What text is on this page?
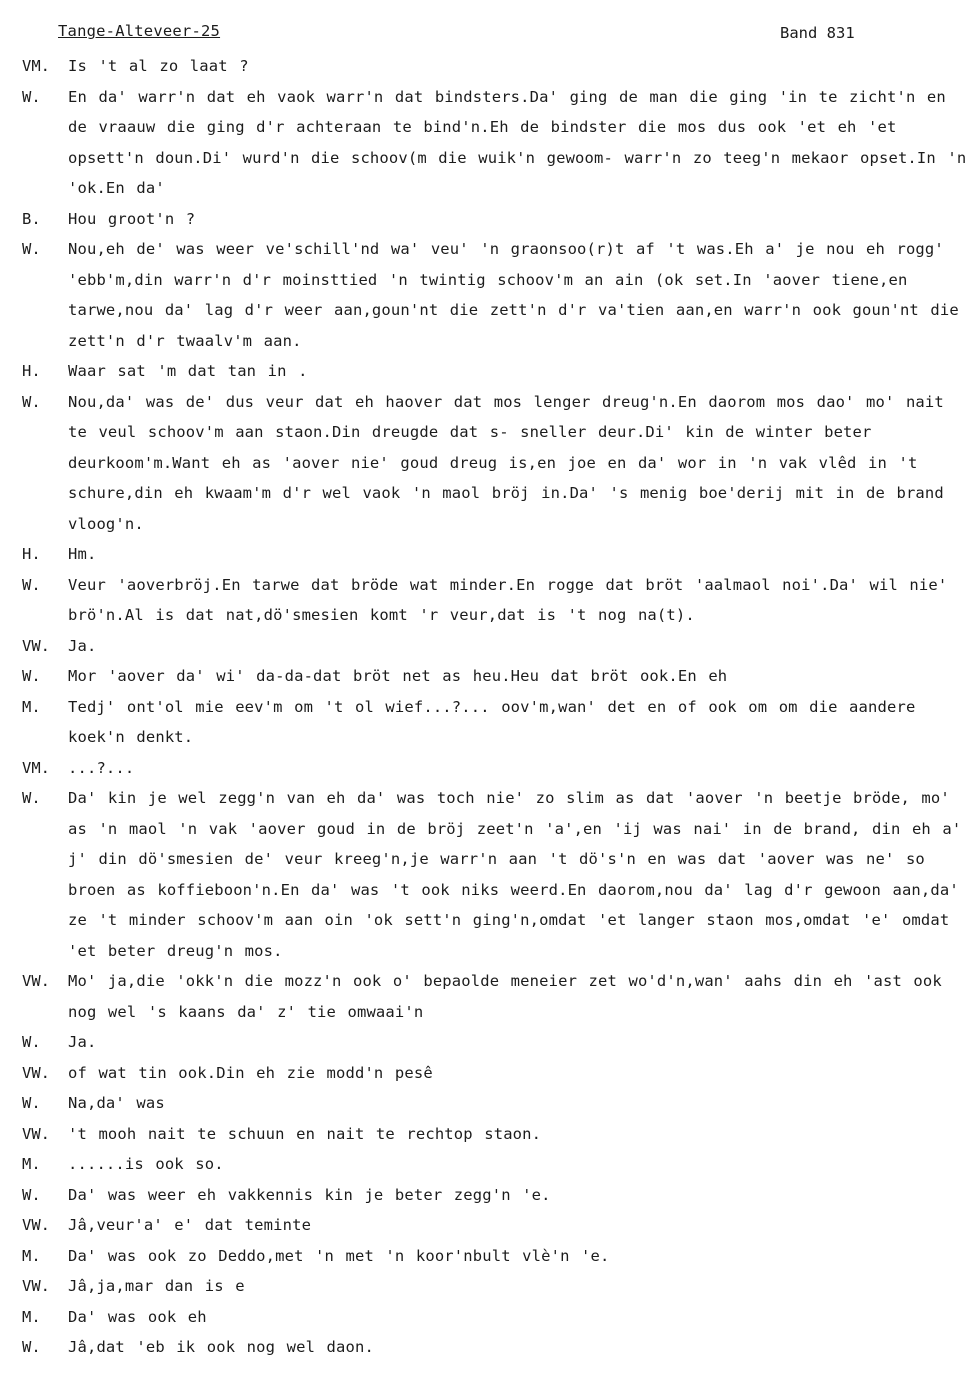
Tange-Alteveer-25	Band 831
VM.	Is 't al zo laat ?
W.	En da' warr'n dat eh vaok warr'n dat bindsters.Da' ging de man die ging 'in te zicht'n en de vraauw die ging d'r achteraan te bind'n.Eh de bindster die mos dus ook 'et eh 'et opsett'n doun.Di' wurd'n die schoov(m die wuik'n gewoom- warr'n zo teeg'n mekaor opset.In 'n 'ok.En da'
B.	Hou groot'n ?
W.	Nou,eh de' was weer ve'schill'nd wa' veu' 'n graonsoo(r)t af 't was.Eh a' je nou eh rogg' 'ebb'm,din warr'n d'r moinsttied 'n twintig schoov'm an ain (ok set.In 'aover tiene,en tarwe,nou da' lag d'r weer aan,goun'nt die zett'n d'r va'tien aan,en warr'n ook goun'nt die zett'n d'r twaalv'm aan.
H.	Waar sat 'm dat tan in .
W.	Nou,da' was de' dus veur dat eh haover dat mos lenger dreug'n.En daorom mos dao' mo' nait te veul schoov'm aan staon.Din dreugde dat s- sneller deur.Di' kin de winter beter deurkoom'm.Want eh as 'aover nie' goud dreug is,en joe en da' wor in 'n vak vlêd in 't schure,din eh kwaam'm d'r wel vaok 'n maol bröj in.Da' 's menig boe'derij mit in de brand vloog'n.
H.	Hm.
W.	Veur 'aoverbröj.En tarwe dat bröde wat minder.En rogge dat bröt 'aalmaol noi'.Da' wil nie' brö'n.Al is dat nat,dö'smesien komt 'r veur,dat is 't nog na(t).
VW.	Ja.
W.	Mor 'aover da' wi' da-da-dat bröt net as heu.Heu dat bröt ook.En eh
M.	Tedj' ont'ol mie eev'm om 't ol wief...?... oov'm,wan' det en of ook om om die aandere koek'n denkt.
VM.	...?...
W.	Da' kin je wel zegg'n van eh da' was toch nie' zo slim as dat 'aover 'n beetje bröde, mo' as 'n maol 'n vak 'aover goud in de bröj zeet'n 'a',en 'ij was nai' in de brand, din eh a' j' din dö'smesien de' veur kreeg'n,je warr'n aan 't dö's'n en was dat 'aover was ne' so broen as koffieboon'n.En da' was 't ook niks weerd.En daorom,nou da' lag d'r gewoon aan,da' ze 't minder schoov'm aan oin 'ok sett'n ging'n,omdat 'et langer staon mos,omdat 'e' omdat 'et beter dreug'n mos.
VW.	Mo' ja,die 'okk'n die mozz'n ook o' bepaolde meneier zet wo'd'n,wan' aahs din eh 'ast ook nog wel 's kaans da' z' tie omwaai'n
W.	Ja.
VW.	of wat tin ook.Din eh zie modd'n pesê
W.	Na,da' was
VW.	't mooh nait te schuun en nait te rechtop staon.
M.	......is ook so.
W.	Da' was weer eh vakkennis kin je beter zegg'n 'e.
VW.	Jâ,veur'a' e' dat teminte
M.	Da' was ook zo Deddo,met 'n met 'n koor'nbult vlè'n 'e.
VW.	Jâ,ja,mar dan is e
M.	Da' was ook eh
W.	Jâ,dat 'eb ik ook nog wel daon.
